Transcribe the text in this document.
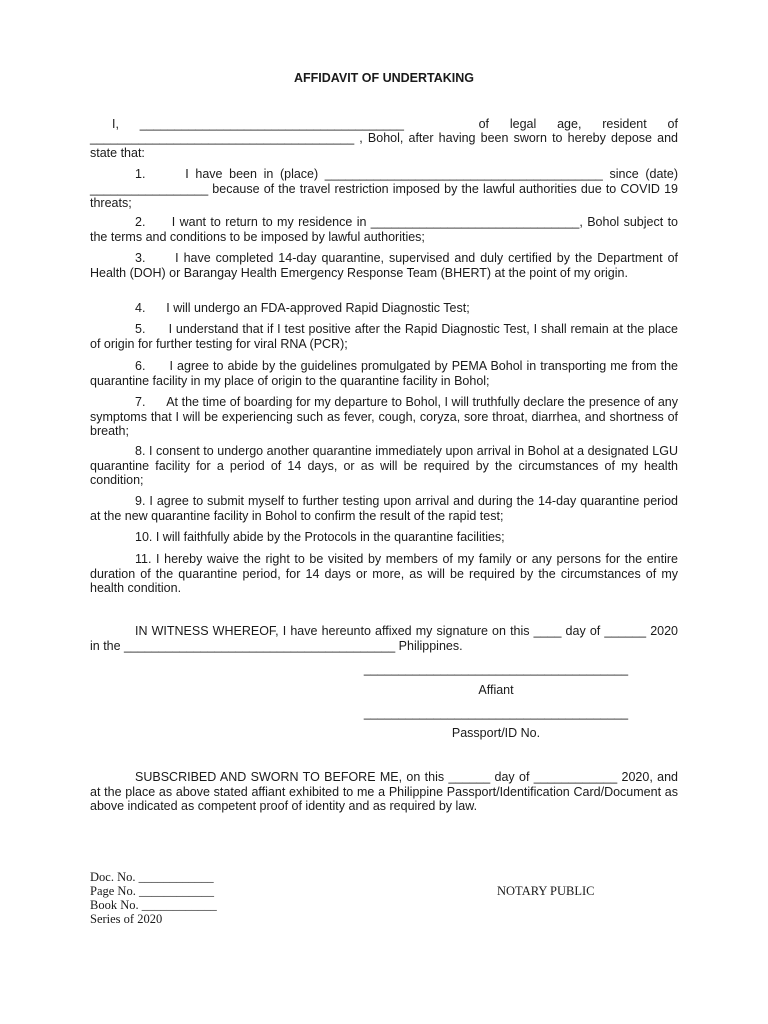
AFFIDAVIT OF UNDERTAKING
I,      ______________________________________	of      legal      age,      resident      of
______________________________________ , Bohol, after having been sworn to hereby depose and state that:
1.      I have been in (place) ________________________________________ since (date) _________________ because of the travel restriction imposed by the lawful authorities due to COVID 19 threats;
2.      I want to return to my residence in ______________________________, Bohol subject to the terms and conditions to be imposed by lawful authorities;
3.      I have completed 14-day quarantine, supervised and duly certified by the Department of Health (DOH) or Barangay Health Emergency Response Team (BHERT) at the point of my origin.
4.      I will undergo an FDA-approved Rapid Diagnostic Test;
5.      I understand that if I test positive after the Rapid Diagnostic Test, I shall remain at the place of origin for further testing for viral RNA (PCR);
6.      I agree to abide by the guidelines promulgated by PEMA Bohol in transporting me from the quarantine facility in my place of origin to the quarantine facility in Bohol;
7.      At the time of boarding for my departure to Bohol, I will truthfully declare the presence of any symptoms that I will be experiencing such as fever, cough, coryza, sore throat, diarrhea, and shortness of breath;
8. I consent to undergo another quarantine immediately upon arrival in Bohol at a designated LGU quarantine facility for a period of 14 days, or as will be required by the circumstances of my health condition;
9. I agree to submit myself to further testing upon arrival and during the 14-day quarantine period at the new quarantine facility in Bohol to confirm the result of the rapid test;
10. I will faithfully abide by the Protocols in the quarantine facilities;
11. I hereby waive the right to be visited by members of my family or any persons for the entire duration of the quarantine period, for 14 days or more, as will be required by the circumstances of my health condition.
IN WITNESS WHEREOF, I have hereunto affixed my signature on this ____ day of ______ 2020 in the _______________________________________ Philippines.
______________________________________
Affiant
______________________________________
Passport/ID No.
SUBSCRIBED AND SWORN TO BEFORE ME, on this ______ day of ____________ 2020, and at the place as above stated affiant exhibited to me a Philippine Passport/Identification Card/Document as above indicated as competent proof of identity and as required by law.
Doc. No. ____________
Page No. ____________
Book No. ____________
Series of 2020
NOTARY PUBLIC
